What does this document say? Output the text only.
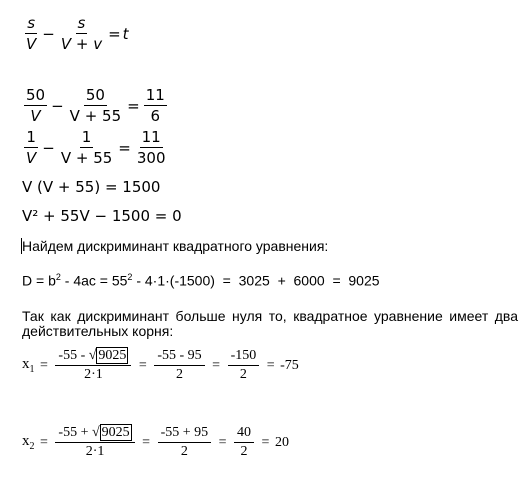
$\frac{s}{V} - \frac{s}{V + v} = t$
$\frac{50}{V} - \frac{50}{V + 55} = \frac{11}{6}$
$\frac{1}{V} - \frac{1}{V + 55} = \frac{11}{300}$
V (V + 55) = 1500
V² + 55V − 1500 = 0
Найдем дискриминант квадратного уравнения:
$D = b^2 - 4ac = 55^2 - 4\cdot 1\cdot(-1500) = 3025 + 6000 = 9025$
Так как дискриминант больше нуля то, квадратное уравнение имеет два
действительных корня:
$x_1 = \frac{-55 - √ 9025}{2\cdot 1} = \frac{-55 - 95}{2} = \frac{-150}{2} = -75$
$x_2 = \frac{-55 + √ 9025}{2\cdot 1} = \frac{-55 + 95}{2} = \frac{40}{2} = 20$
